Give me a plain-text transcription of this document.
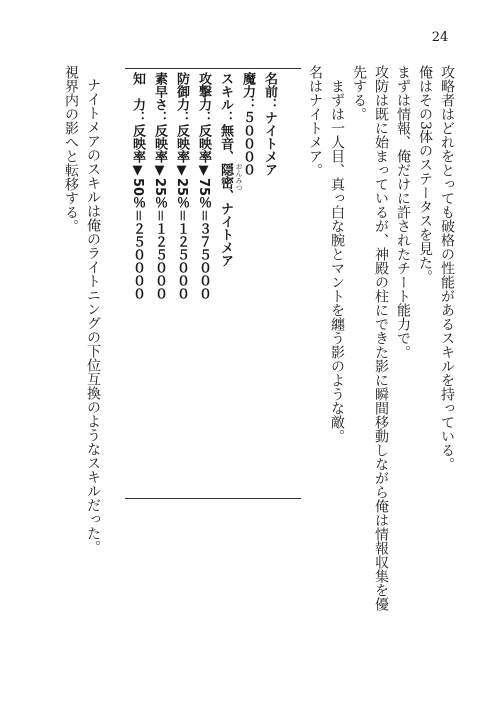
24

攻略者はどれをとっても破格の性能があるスキルを持っている。

俺はその3体のステータスを見た。

まずは情報、俺だけに許されたチート能力で。

攻防は既に始まっているが、神殿の柱にできた影に瞬間移動しながら俺は情報収集を優

先する。

　まずは一人目、真っ白な腕とマントを纏う影のような敵。

名はナイトメア。

名前：ナイトメア

魔力：５００００

おんみつ

スキル：無音、隠密、ナイトメア

攻撃力：反映率▼75％＝３７５０００

防御力：反映率▼25％＝１２５０００

素早さ：反映率▼25％＝１２５０００

知　力：反映率▼50％＝２５００００

ナイトメアのスキルは俺のライトニングの下位互換のようなスキルだった。

視界内の影へと転移する。
